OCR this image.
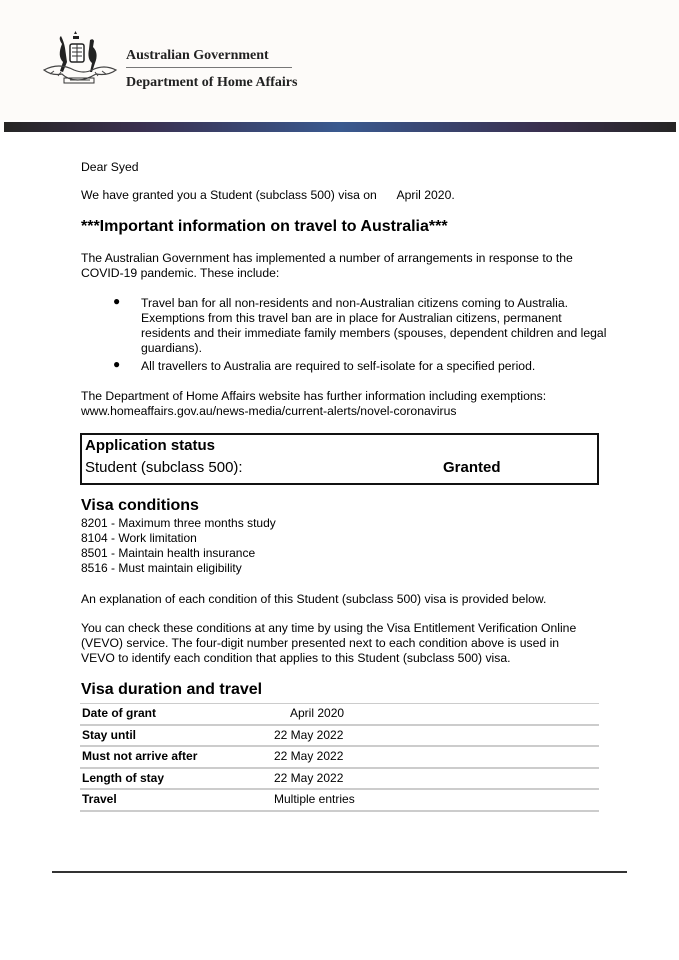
Australian Government
Department of Home Affairs
Dear Syed
We have granted you a Student (subclass 500) visa on      April 2020.
***Important information on travel to Australia***
The Australian Government has implemented a number of arrangements in response to the
COVID-19 pandemic. These include:
● Travel ban for all non-residents and non-Australian citizens coming to Australia. Exemptions from this travel ban are in place for Australian citizens, permanent residents and their immediate family members (spouses, dependent children and legal guardians).
● All travellers to Australia are required to self-isolate for a specified period.
The Department of Home Affairs website has further information including exemptions:
www.homeaffairs.gov.au/news-media/current-alerts/novel-coronavirus
Application status
Student (subclass 500):	Granted
Visa conditions
8201 - Maximum three months study
8104 - Work limitation
8501 - Maintain health insurance
8516 - Must maintain eligibility
An explanation of each condition of this Student (subclass 500) visa is provided below.
You can check these conditions at any time by using the Visa Entitlement Verification Online
(VEVO) service. The four-digit number presented next to each condition above is used in
VEVO to identify each condition that applies to this Student (subclass 500) visa.
Visa duration and travel
Date of grant	April 2020
Stay until	22 May 2022
Must not arrive after	22 May 2022
Length of stay	22 May 2022
Travel	Multiple entries
